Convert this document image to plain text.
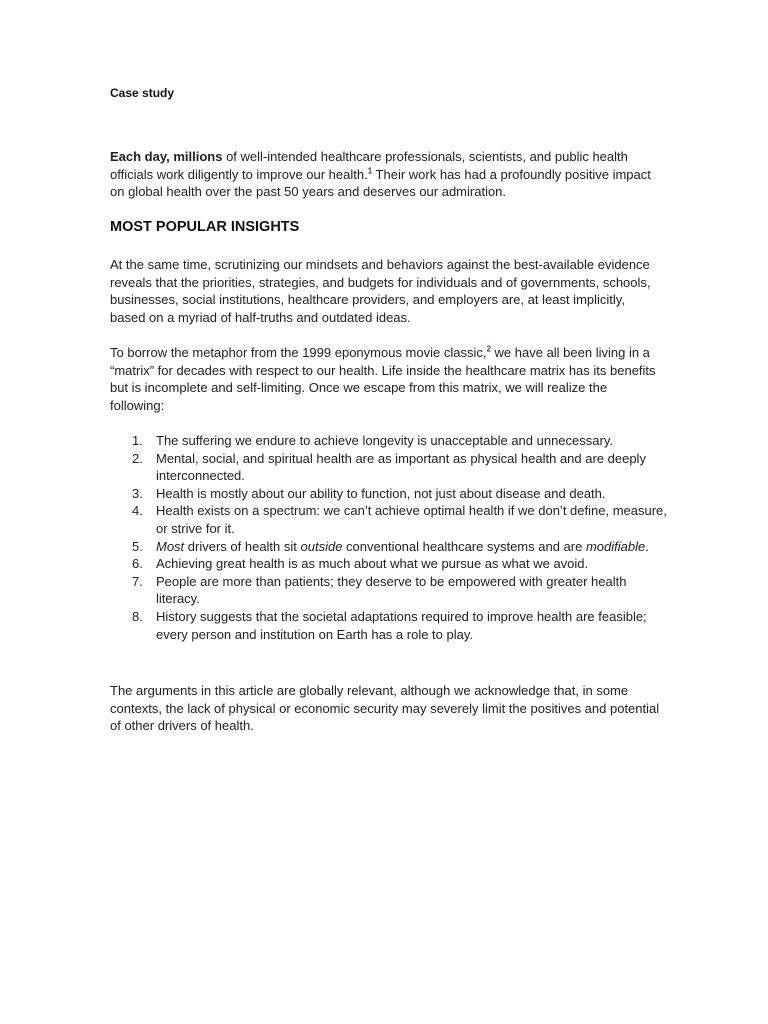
Case study

Each day, millions of well-intended healthcare professionals, scientists, and public health officials work diligently to improve our health.$^1$ Their work has had a profoundly positive impact on global health over the past 50 years and deserves our admiration.

MOST POPULAR INSIGHTS

At the same time, scrutinizing our mindsets and behaviors against the best-available evidence reveals that the priorities, strategies, and budgets for individuals and of governments, schools, businesses, social institutions, healthcare providers, and employers are, at least implicitly, based on a myriad of half-truths and outdated ideas.

To borrow the metaphor from the 1999 eponymous movie classic,$^2$ we have all been living in a “matrix” for decades with respect to our health. Life inside the healthcare matrix has its benefits but is incomplete and self-limiting. Once we escape from this matrix, we will realize the following:

1. The suffering we endure to achieve longevity is unacceptable and unnecessary.
2. Mental, social, and spiritual health are as important as physical health and are deeply interconnected.
3. Health is mostly about our ability to function, not just about disease and death.
4. Health exists on a spectrum: we can’t achieve optimal health if we don’t define, measure, or strive for it.
5. Most drivers of health sit outside conventional healthcare systems and are modifiable.
6. Achieving great health is as much about what we pursue as what we avoid.
7. People are more than patients; they deserve to be empowered with greater health literacy.
8. History suggests that the societal adaptations required to improve health are feasible; every person and institution on Earth has a role to play.

The arguments in this article are globally relevant, although we acknowledge that, in some contexts, the lack of physical or economic security may severely limit the positives and potential of other drivers of health.
